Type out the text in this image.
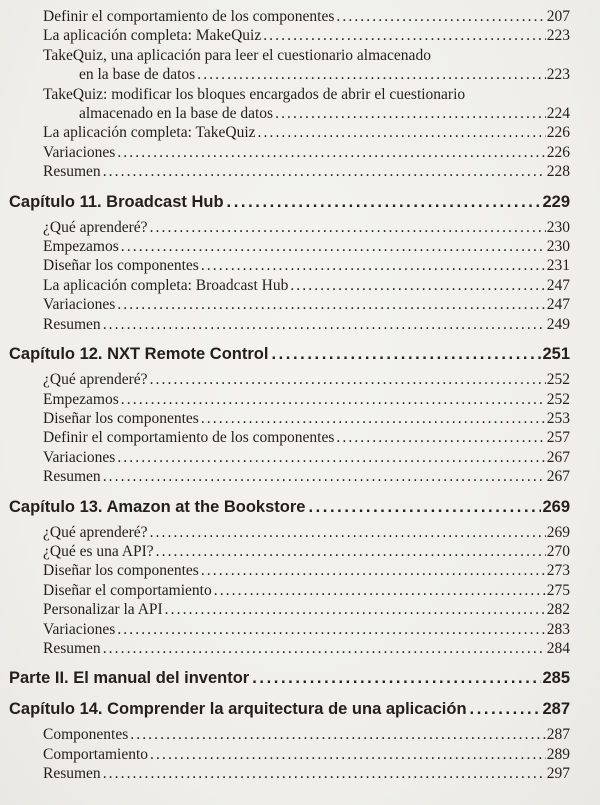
Definir el comportamiento de los componentes .....	207
La aplicación completa: MakeQuiz .....	223
TakeQuiz, una aplicación para leer el cuestionario almacenado
en la base de datos .....	223
TakeQuiz: modificar los bloques encargados de abrir el cuestionario
almacenado en la base de datos .....	224
La aplicación completa: TakeQuiz .....	226
Variaciones .....	226
Resumen .....	228
Capítulo 11. Broadcast Hub .....	229
¿Qué aprenderé? .....	230
Empezamos .....	230
Diseñar los componentes .....	231
La aplicación completa: Broadcast Hub .....	247
Variaciones .....	247
Resumen .....	249
Capítulo 12. NXT Remote Control .....	251
¿Qué aprenderé? .....	252
Empezamos .....	252
Diseñar los componentes .....	253
Definir el comportamiento de los componentes .....	257
Variaciones .....	267
Resumen .....	267
Capítulo 13. Amazon at the Bookstore .....	269
¿Qué aprenderé? .....	269
¿Qué es una API? .....	270
Diseñar los componentes .....	273
Diseñar el comportamiento .....	275
Personalizar la API .....	282
Variaciones .....	283
Resumen .....	284
Parte II. El manual del inventor .....	285
Capítulo 14. Comprender la arquitectura de una aplicación .....	287
Componentes .....	287
Comportamiento .....	289
Resumen .....	297
